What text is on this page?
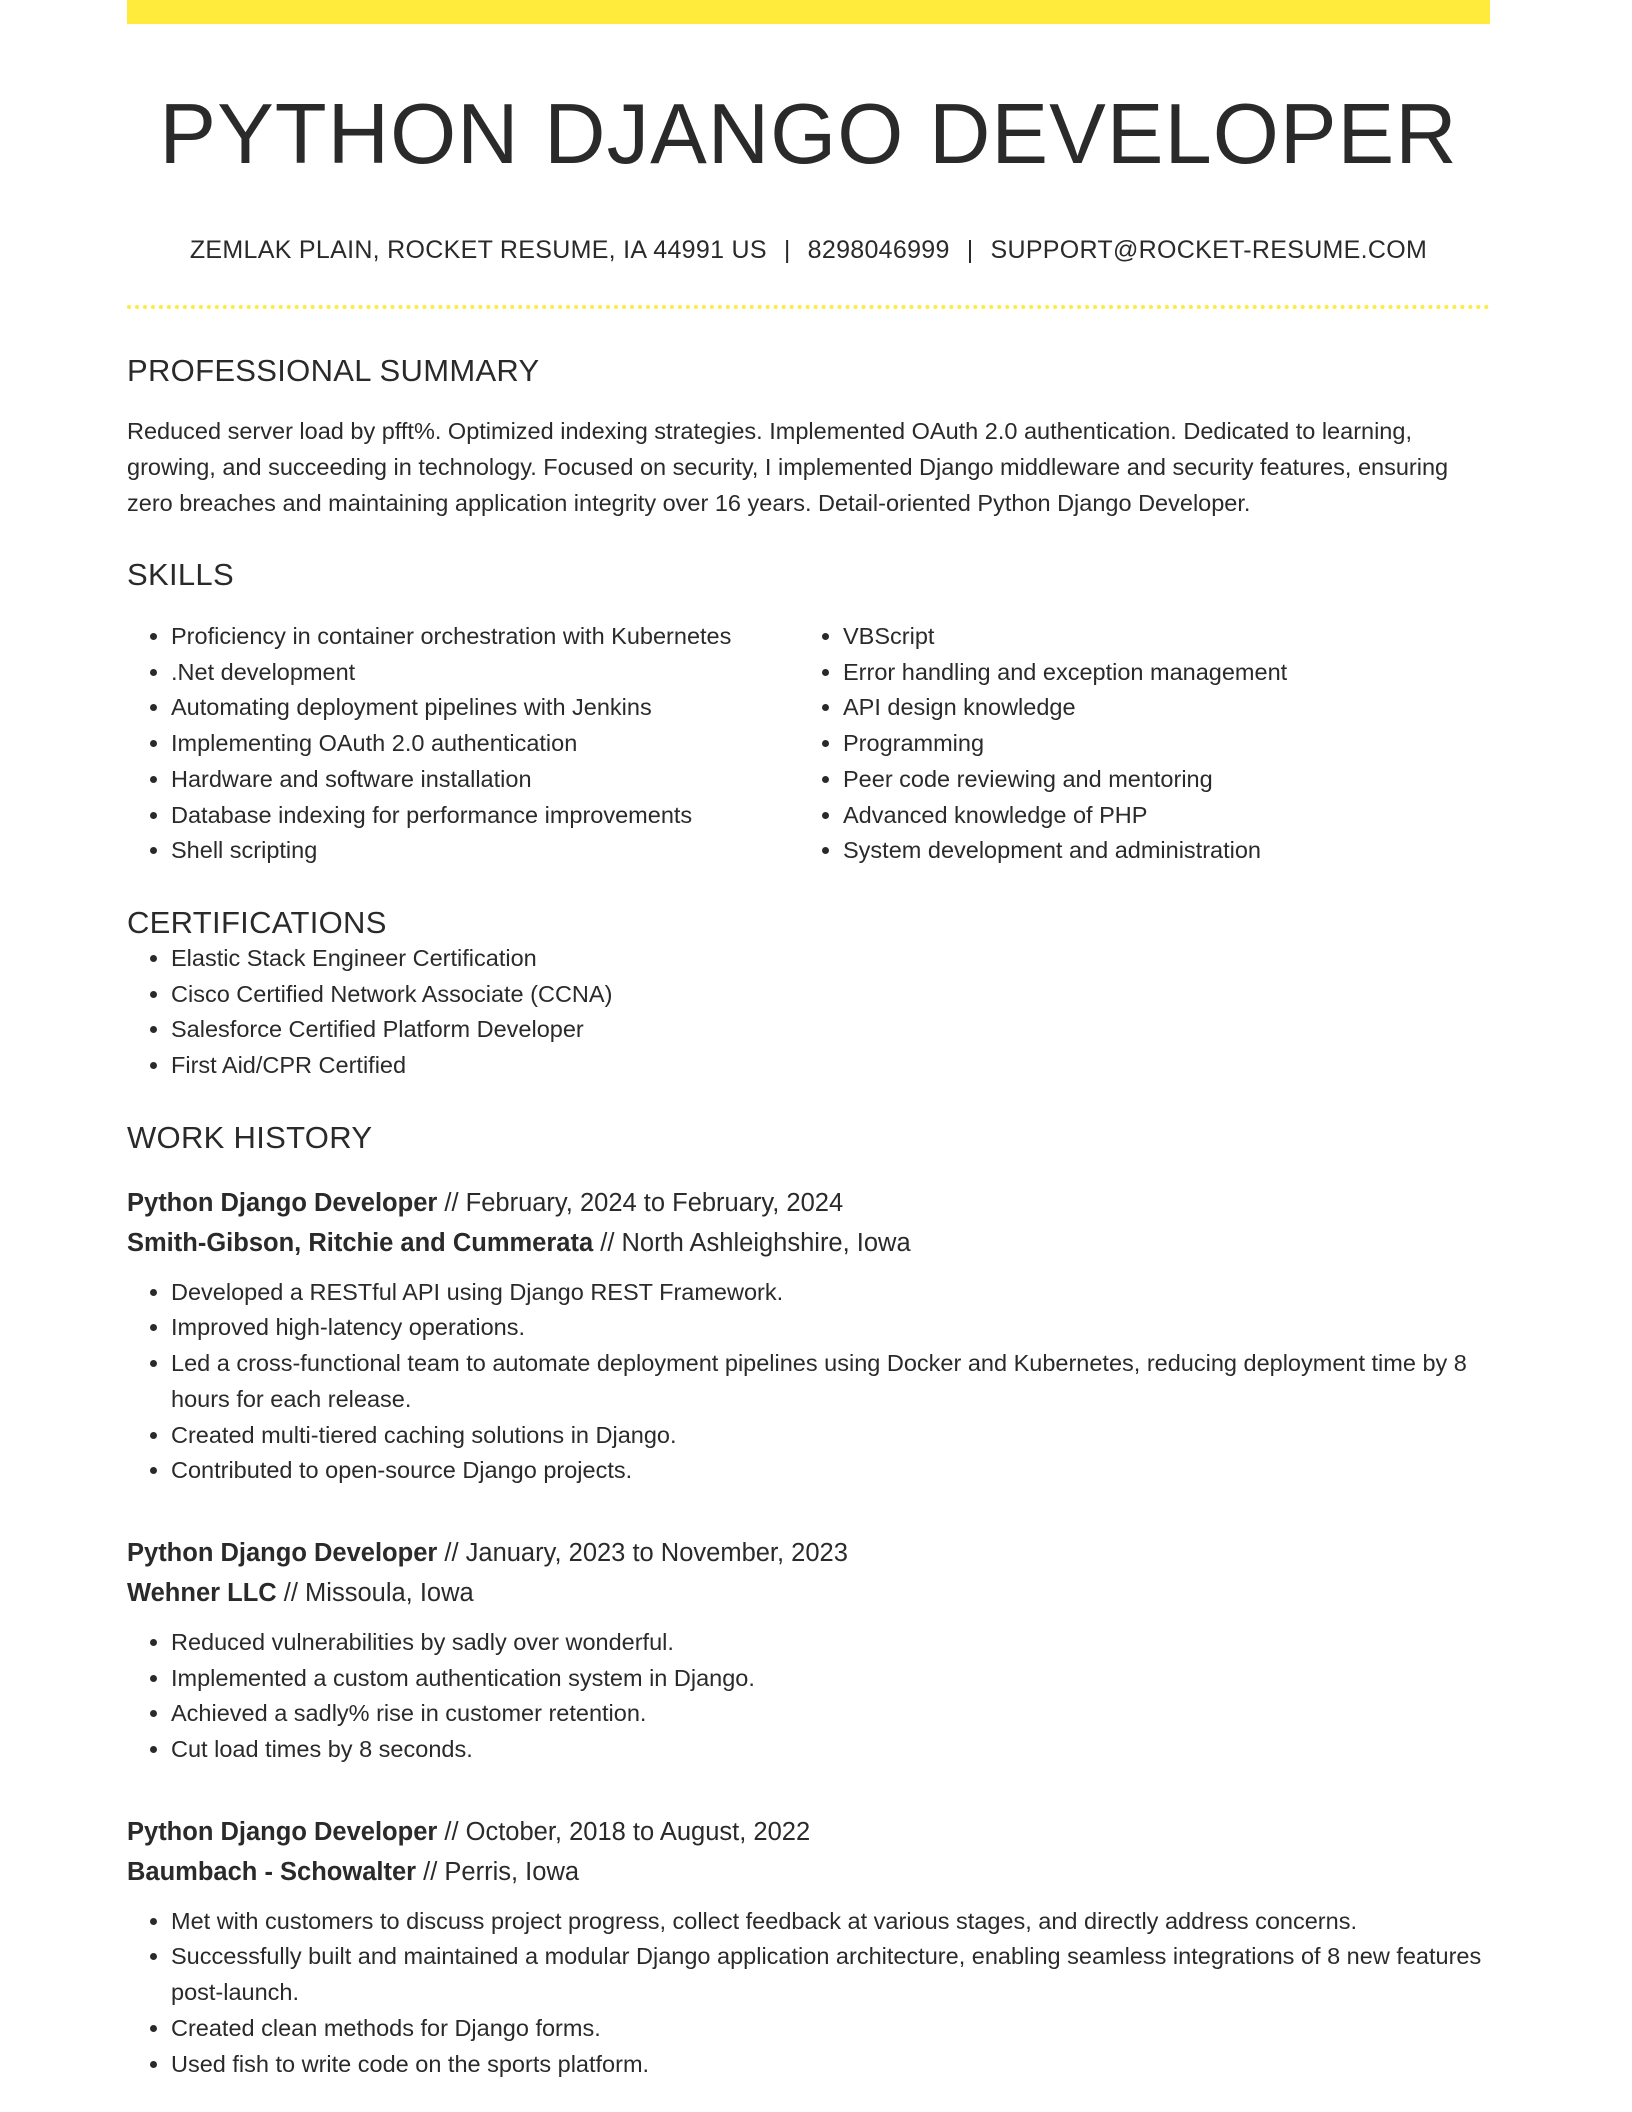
PYTHON DJANGO DEVELOPER
ZEMLAK PLAIN, ROCKET RESUME, IA 44991 US | 8298046999 | SUPPORT@ROCKET-RESUME.COM
PROFESSIONAL SUMMARY
Reduced server load by pfft%. Optimized indexing strategies. Implemented OAuth 2.0 authentication. Dedicated to learning, growing, and succeeding in technology. Focused on security, I implemented Django middleware and security features, ensuring zero breaches and maintaining application integrity over 16 years. Detail-oriented Python Django Developer.
SKILLS
• Proficiency in container orchestration with Kubernetes
• .Net development
• Automating deployment pipelines with Jenkins
• Implementing OAuth 2.0 authentication
• Hardware and software installation
• Database indexing for performance improvements
• Shell scripting
• VBScript
• Error handling and exception management
• API design knowledge
• Programming
• Peer code reviewing and mentoring
• Advanced knowledge of PHP
• System development and administration
CERTIFICATIONS
• Elastic Stack Engineer Certification
• Cisco Certified Network Associate (CCNA)
• Salesforce Certified Platform Developer
• First Aid/CPR Certified
WORK HISTORY
Python Django Developer // February, 2024 to February, 2024
Smith-Gibson, Ritchie and Cummerata // North Ashleighshire, Iowa
• Developed a RESTful API using Django REST Framework.
• Improved high-latency operations.
• Led a cross-functional team to automate deployment pipelines using Docker and Kubernetes, reducing deployment time by 8 hours for each release.
• Created multi-tiered caching solutions in Django.
• Contributed to open-source Django projects.
Python Django Developer // January, 2023 to November, 2023
Wehner LLC // Missoula, Iowa
• Reduced vulnerabilities by sadly over wonderful.
• Implemented a custom authentication system in Django.
• Achieved a sadly% rise in customer retention.
• Cut load times by 8 seconds.
Python Django Developer // October, 2018 to August, 2022
Baumbach - Schowalter // Perris, Iowa
• Met with customers to discuss project progress, collect feedback at various stages, and directly address concerns.
• Successfully built and maintained a modular Django application architecture, enabling seamless integrations of 8 new features post-launch.
• Created clean methods for Django forms.
• Used fish to write code on the sports platform.
